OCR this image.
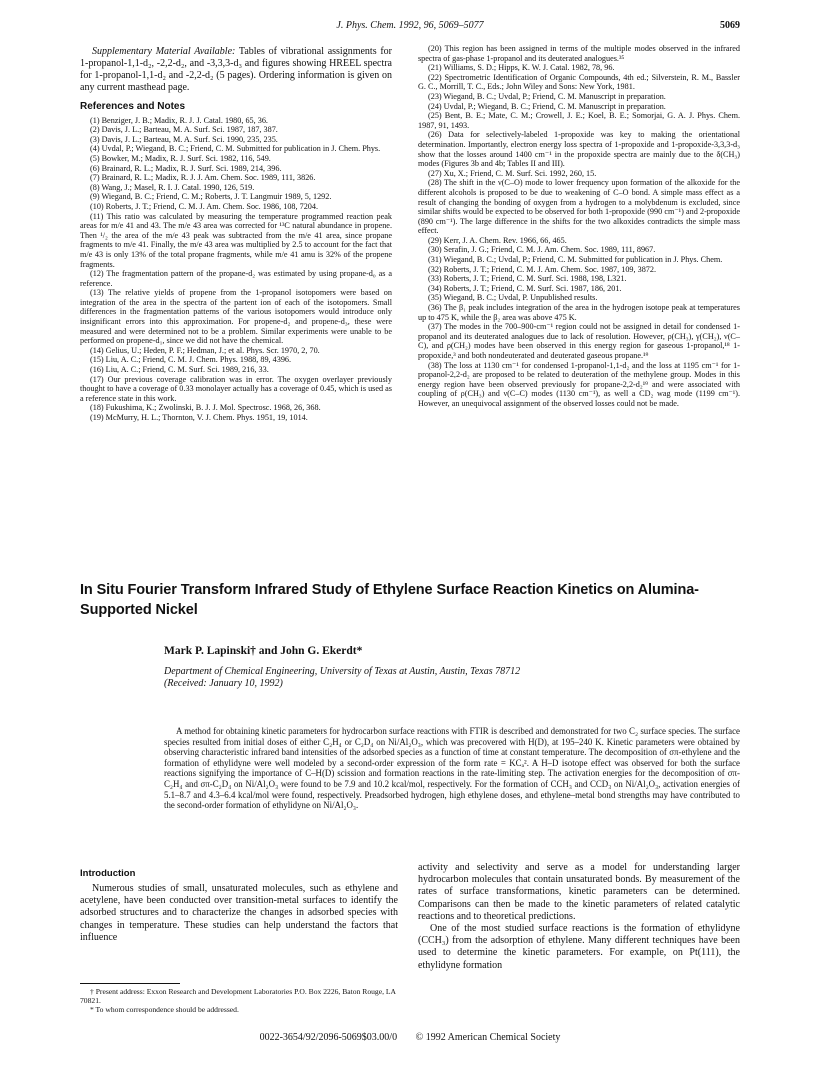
J. Phys. Chem. 1992, 96, 5069–5077	5069

Supplementary Material Available: Tables of vibrational assignments for 1-propanol-1,1-d₂, -2,2-d₂, and -3,3,3-d₃ and figures showing HREEL spectra for 1-propanol-1,1-d₂ and -2,2-d₂ (5 pages). Ordering information is given on any current masthead page.

References and Notes

(1) Benziger, J. B.; Madix, R. J. J. Catal. 1980, 65, 36.

(2) Davis, J. L.; Barteau, M. A. Surf. Sci. 1987, 187, 387.

(3) Davis, J. L.; Barteau, M. A. Surf. Sci. 1990, 235, 235.

(4) Uvdal, P.; Wiegand, B. C.; Friend, C. M. Submitted for publication in J. Chem. Phys.

(5) Bowker, M.; Madix, R. J. Surf. Sci. 1982, 116, 549.

(6) Brainard, R. L.; Madix, R. J. Surf. Sci. 1989, 214, 396.

(7) Brainard, R. L.; Madix, R. J. J. Am. Chem. Soc. 1989, 111, 3826.

(8) Wang, J.; Masel, R. I. J. Catal. 1990, 126, 519.

(9) Wiegand, B. C.; Friend, C. M.; Roberts, J. T. Langmuir 1989, 5, 1292.

(10) Roberts, J. T.; Friend, C. M. J. Am. Chem. Soc. 1986, 108, 7204.

(11) This ratio was calculated by measuring the temperature programmed reaction peak areas for m/e 41 and 43. The m/e 43 area was corrected for ¹³C natural abundance in propene. Then ¹/₂ the area of the m/e 43 peak was subtracted from the m/e 41 area, since propane fragments to m/e 41. Finally, the m/e 43 area was multiplied by 2.5 to account for the fact that m/e 43 is only 13% of the total propane fragments, while m/e 41 amu is 32% of the propene fragments.

(12) The fragmentation pattern of the propane-d₂ was estimated by using propane-d₀ as a reference.

(13) The relative yields of propene from the 1-propanol isotopomers were based on integration of the area in the spectra of the partent ion of each of the isotopomers. Small differences in the fragmentation patterns of the various isotopomers would introduce only insignificant errors into this approximation. For propene-d₂ and propene-d₃, these were measured and were determined not to be a problem. Similar experiments were unable to be performed on propene-d₁, since we did not have the chemical.

(14) Gelius, U.; Heden, P. F.; Hedman, J.; et al. Phys. Scr. 1970, 2, 70.

(15) Liu, A. C.; Friend, C. M. J. Chem. Phys. 1988, 89, 4396.

(16) Liu, A. C.; Friend, C. M. Surf. Sci. 1989, 216, 33.

(17) Our previous coverage calibration was in error. The oxygen overlayer previously thought to have a coverage of 0.33 monolayer actually has a coverage of 0.45, which is used as a reference state in this work.

(18) Fukushima, K.; Zwolinski, B. J. J. Mol. Spectrosc. 1968, 26, 368.

(19) McMurry, H. L.; Thornton, V. J. Chem. Phys. 1951, 19, 1014.

(20) This region has been assigned in terms of the multiple modes observed in the infrared spectra of gas-phase 1-propanol and its deuterated analogues.³⁵

(21) Williams, S. D.; Hipps, K. W. J. Catal. 1982, 78, 96.

(22) Spectrometric Identification of Organic Compounds, 4th ed.; Silverstein, R. M., Bassler G. C., Morrill, T. C., Eds.; John Wiley and Sons: New York, 1981.

(23) Wiegand, B. C.; Uvdal, P.; Friend, C. M. Manuscript in preparation.

(24) Uvdal, P.; Wiegand, B. C.; Friend, C. M. Manuscript in preparation.

(25) Bent, B. E.; Mate, C. M.; Crowell, J. E.; Koel, B. E.; Somorjai, G. A. J. Phys. Chem. 1987, 91, 1493.

(26) Data for selectively-labeled 1-propoxide was key to making the orientational determination. Importantly, electron energy loss spectra of 1-propoxide and 1-propoxide-3,3,3-d₃ show that the losses around 1400 cm⁻¹ in the propoxide spectra are mainly due to the δ(CH₃) modes (Figures 3b and 4b; Tables II and III).

(27) Xu, X.; Friend, C. M. Surf. Sci. 1992, 260, 15.

(28) The shift in the ν(C–O) mode to lower frequency upon formation of the alkoxide for the different alcohols is proposed to be due to weakening of C–O bond. A simple mass effect as a result of changing the bonding of oxygen from a hydrogen to a molybdenum is excluded, since similar shifts would be expected to be observed for both 1-propoxide (990 cm⁻¹) and 2-propoxide (890 cm⁻¹). The large difference in the shifts for the two alkoxides contradicts the simple mass effect.

(29) Kerr, J. A. Chem. Rev. 1966, 66, 465.

(30) Serafin, J. G.; Friend, C. M. J. Am. Chem. Soc. 1989, 111, 8967.

(31) Wiegand, B. C.; Uvdal, P.; Friend, C. M. Submitted for publication in J. Phys. Chem.

(32) Roberts, J. T.; Friend, C. M. J. Am. Chem. Soc. 1987, 109, 3872.

(33) Roberts, J. T.; Friend, C. M. Surf. Sci. 1988, 198, L321.

(34) Roberts, J. T.; Friend, C. M. Surf. Sci. 1987, 186, 201.

(35) Wiegand, B. C.; Uvdal, P. Unpublished results.

(36) The β₁ peak includes integration of the area in the hydrogen isotope peak at temperatures up to 475 K, while the β₂ area was above 475 K.

(37) The modes in the 700–900-cm⁻¹ region could not be assigned in detail for condensed 1-propanol and its deuterated analogues due to lack of resolution. However, ρ(CH₃), γ(CH₂), ν(C–C), and ρ(CH₂) modes have been observed in this energy region for gaseous 1-propanol,¹⁸ 1-propoxide,³ and both nondeuterated and deuterated gaseous propane.¹⁹

(38) The loss at 1130 cm⁻¹ for condensed 1-propanol-1,1-d₂ and the loss at 1195 cm⁻¹ for 1-propanol-2,2-d₂ are proposed to be related to deuteration of the methylene group. Modes in this energy region have been observed previously for propane-2,2-d₂¹⁹ and were associated with coupling of ρ(CH₃) and ν(C–C) modes (1130 cm⁻¹), as well a CD₂ wag mode (1199 cm⁻¹). However, an unequivocal assignment of the observed losses could not be made.

In Situ Fourier Transform Infrared Study of Ethylene Surface Reaction Kinetics on Alumina-Supported Nickel
Mark P. Lapinski† and John G. Ekerdt*
Department of Chemical Engineering, University of Texas at Austin, Austin, Texas 78712
(Received: January 10, 1992)

A method for obtaining kinetic parameters for hydrocarbon surface reactions with FTIR is described and demonstrated for two C₂ surface species. The surface species resulted from initial doses of either C₂H₄ or C₂D₄ on Ni/Al₂O₃, which was precovered with H(D), at 195–240 K. Kinetic parameters were obtained by observing characteristic infrared band intensities of the adsorbed species as a function of time at constant temperature. The decomposition of σπ-ethylene and the formation of ethylidyne were well modeled by a second-order expression of the form rate = KCₐ². A H–D isotope effect was observed for both the surface reactions signifying the importance of C–H(D) scission and formation reactions in the rate-limiting step. The activation energies for the decomposition of σπ-C₂H₄ and σπ-C₂D₄ on Ni/Al₂O₃ were found to be 7.9 and 10.2 kcal/mol, respectively. For the formation of CCH₃ and CCD₃ on Ni/Al₂O₃, activation energies of 5.1–8.7 and 4.3–6.4 kcal/mol were found, respectively. Preadsorbed hydrogen, high ethylene doses, and ethylene–metal bond strengths may have contributed to the second-order formation of ethylidyne on Ni/Al₂O₃.

Introduction

Numerous studies of small, unsaturated molecules, such as ethylene and acetylene, have been conducted over transition-metal surfaces to identify the adsorbed structures and to characterize the changes in adsorbed species with changes in temperature. These studies can help understand the factors that influence

activity and selectivity and serve as a model for understanding larger hydrocarbon molecules that contain unsaturated bonds. By measurement of the rates of surface transformations, kinetic parameters can be determined. Comparisons can then be made to the kinetic parameters of related catalytic reactions and to theoretical predictions.

One of the most studied surface reactions is the formation of ethylidyne (CCH₃) from the adsorption of ethylene. Many different techniques have been used to determine the kinetic parameters. For example, on Pt(111), the ethylidyne formation

† Present address: Exxon Research and Development Laboratories P.O. Box 2226, Baton Rouge, LA 70821.

* To whom correspondence should be addressed.

0022-3654/92/2096-5069$03.00/0 © 1992 American Chemical Society
